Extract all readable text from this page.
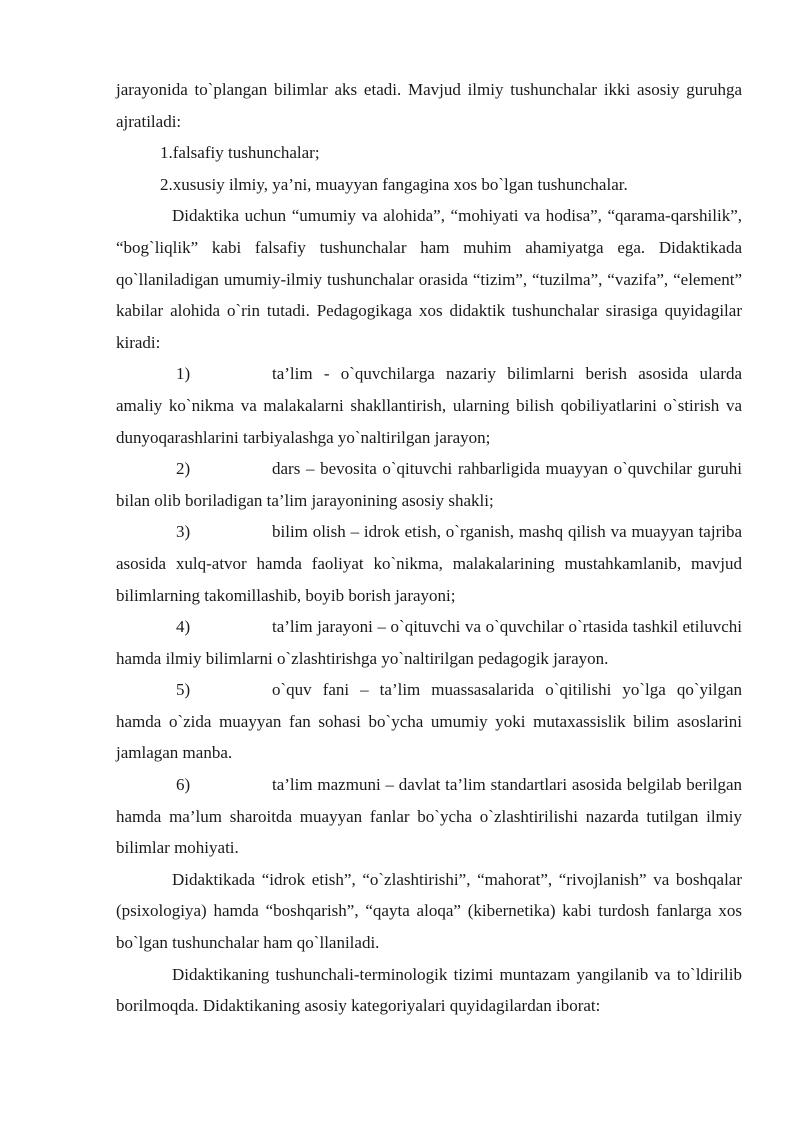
jarayonida to`plangan bilimlar aks etadi. Mavjud ilmiy tushunchalar ikki asosiy guruhga ajratiladi:

1.falsafiy tushunchalar;

2.xususiy ilmiy, ya’ni, muayyan fangagina xos bo`lgan tushunchalar.

Didaktika uchun “umumiy va alohida”, “mohiyati va hodisa”, “qarama-qarshilik”, “bog`liqlik” kabi falsafiy tushunchalar ham muhim ahamiyatga ega. Didaktikada qo`llaniladigan umumiy-ilmiy tushunchalar orasida “tizim”, “tuzilma”, “vazifa”, “element” kabilar alohida o`rin tutadi. Pedagogikaga xos didaktik tushunchalar sirasiga quyidagilar kiradi:

1)	ta’lim - o`quvchilarga nazariy bilimlarni berish asosida ularda amaliy ko`nikma va malakalarni shakllantirish, ularning bilish qobiliyatlarini o`stirish va dunyoqarashlarini tarbiyalashga yo`naltirilgan jarayon;

2)	dars – bevosita o`qituvchi rahbarligida muayyan o`quvchilar guruhi bilan olib boriladigan ta’lim jarayonining asosiy shakli;

3)	bilim olish – idrok etish, o`rganish, mashq qilish va muayyan tajriba asosida xulq-atvor hamda faoliyat ko`nikma, malakalarining mustahkamlanib, mavjud bilimlarning takomillashib, boyib borish jarayoni;

4)	ta’lim jarayoni – o`qituvchi va o`quvchilar o`rtasida tashkil etiluvchi hamda ilmiy bilimlarni o`zlashtirishga yo`naltirilgan pedagogik jarayon.

5)	o`quv fani – ta’lim muassasalarida o`qitilishi yo`lga qo`yilgan hamda o`zida muayyan fan sohasi bo`ycha umumiy yoki mutaxassislik bilim asoslarini jamlagan manba.

6)	ta’lim mazmuni – davlat ta’lim standartlari asosida belgilab berilgan hamda ma’lum sharoitda muayyan fanlar bo`ycha o`zlashtirilishi nazarda tutilgan ilmiy bilimlar mohiyati.

Didaktikada “idrok etish”, “o`zlashtirishi”, “mahorat”, “rivojlanish” va boshqalar (psixologiya) hamda “boshqarish”, “qayta aloqa” (kibernetika) kabi turdosh fanlarga xos bo`lgan tushunchalar ham qo`llaniladi.

Didaktikaning tushunchali-terminologik tizimi muntazam yangilanib va to`ldirilib borilmoqda. Didaktikaning asosiy kategoriyalari quyidagilardan iborat:
